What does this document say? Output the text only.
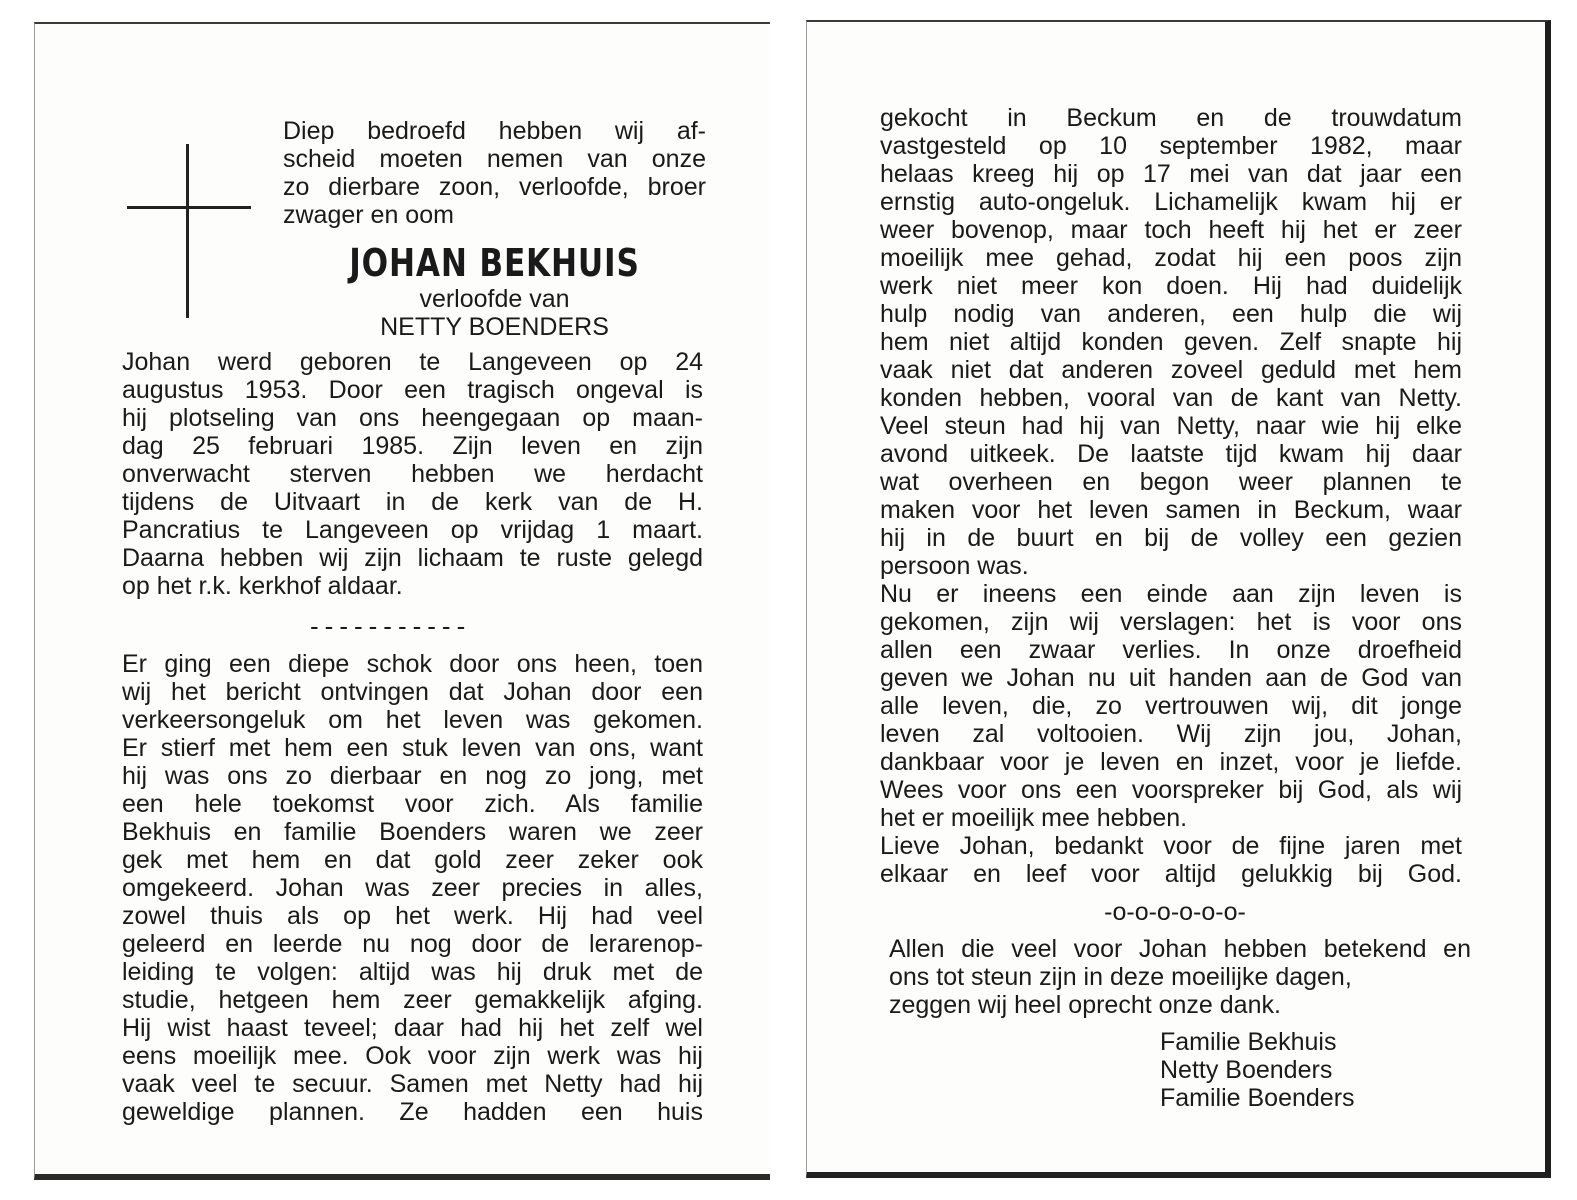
Diep bedroefd hebben wij af-
scheid moeten nemen van onze
zo dierbare zoon, verloofde, broer
zwager en oom
JOHAN BEKHUIS
verloofde van
NETTY BOENDERS
Johan werd geboren te Langeveen op 24
augustus 1953. Door een tragisch ongeval is
hij plotseling van ons heengegaan op maan-
dag 25 februari 1985. Zijn leven en zijn
onverwacht sterven hebben we herdacht
tijdens de Uitvaart in de kerk van de H.
Pancratius te Langeveen op vrijdag 1 maart.
Daarna hebben wij zijn lichaam te ruste gelegd
op het r.k. kerkhof aldaar.
-----------
Er ging een diepe schok door ons heen, toen
wij het bericht ontvingen dat Johan door een
verkeersongeluk om het leven was gekomen.
Er stierf met hem een stuk leven van ons, want
hij was ons zo dierbaar en nog zo jong, met
een hele toekomst voor zich. Als familie
Bekhuis en familie Boenders waren we zeer
gek met hem en dat gold zeer zeker ook
omgekeerd. Johan was zeer precies in alles,
zowel thuis als op het werk. Hij had veel
geleerd en leerde nu nog door de lerarenop-
leiding te volgen: altijd was hij druk met de
studie, hetgeen hem zeer gemakkelijk afging.
Hij wist haast teveel; daar had hij het zelf wel
eens moeilijk mee. Ook voor zijn werk was hij
vaak veel te secuur. Samen met Netty had hij
geweldige plannen. Ze hadden een huis
gekocht in Beckum en de trouwdatum
vastgesteld op 10 september 1982, maar
helaas kreeg hij op 17 mei van dat jaar een
ernstig auto-ongeluk. Lichamelijk kwam hij er
weer bovenop, maar toch heeft hij het er zeer
moeilijk mee gehad, zodat hij een poos zijn
werk niet meer kon doen. Hij had duidelijk
hulp nodig van anderen, een hulp die wij
hem niet altijd konden geven. Zelf snapte hij
vaak niet dat anderen zoveel geduld met hem
konden hebben, vooral van de kant van Netty.
Veel steun had hij van Netty, naar wie hij elke
avond uitkeek. De laatste tijd kwam hij daar
wat overheen en begon weer plannen te
maken voor het leven samen in Beckum, waar
hij in de buurt en bij de volley een gezien
persoon was.
Nu er ineens een einde aan zijn leven is
gekomen, zijn wij verslagen: het is voor ons
allen een zwaar verlies. In onze droefheid
geven we Johan nu uit handen aan de God van
alle leven, die, zo vertrouwen wij, dit jonge
leven zal voltooien. Wij zijn jou, Johan,
dankbaar voor je leven en inzet, voor je liefde.
Wees voor ons een voorspreker bij God, als wij
het er moeilijk mee hebben.
Lieve Johan, bedankt voor de fijne jaren met
elkaar en leef voor altijd gelukkig bij God.
-o-o-o-o-o-o-
Allen die veel voor Johan hebben betekend en
ons tot steun zijn in deze moeilijke dagen,
zeggen wij heel oprecht onze dank.
Familie Bekhuis
Netty Boenders
Familie Boenders
